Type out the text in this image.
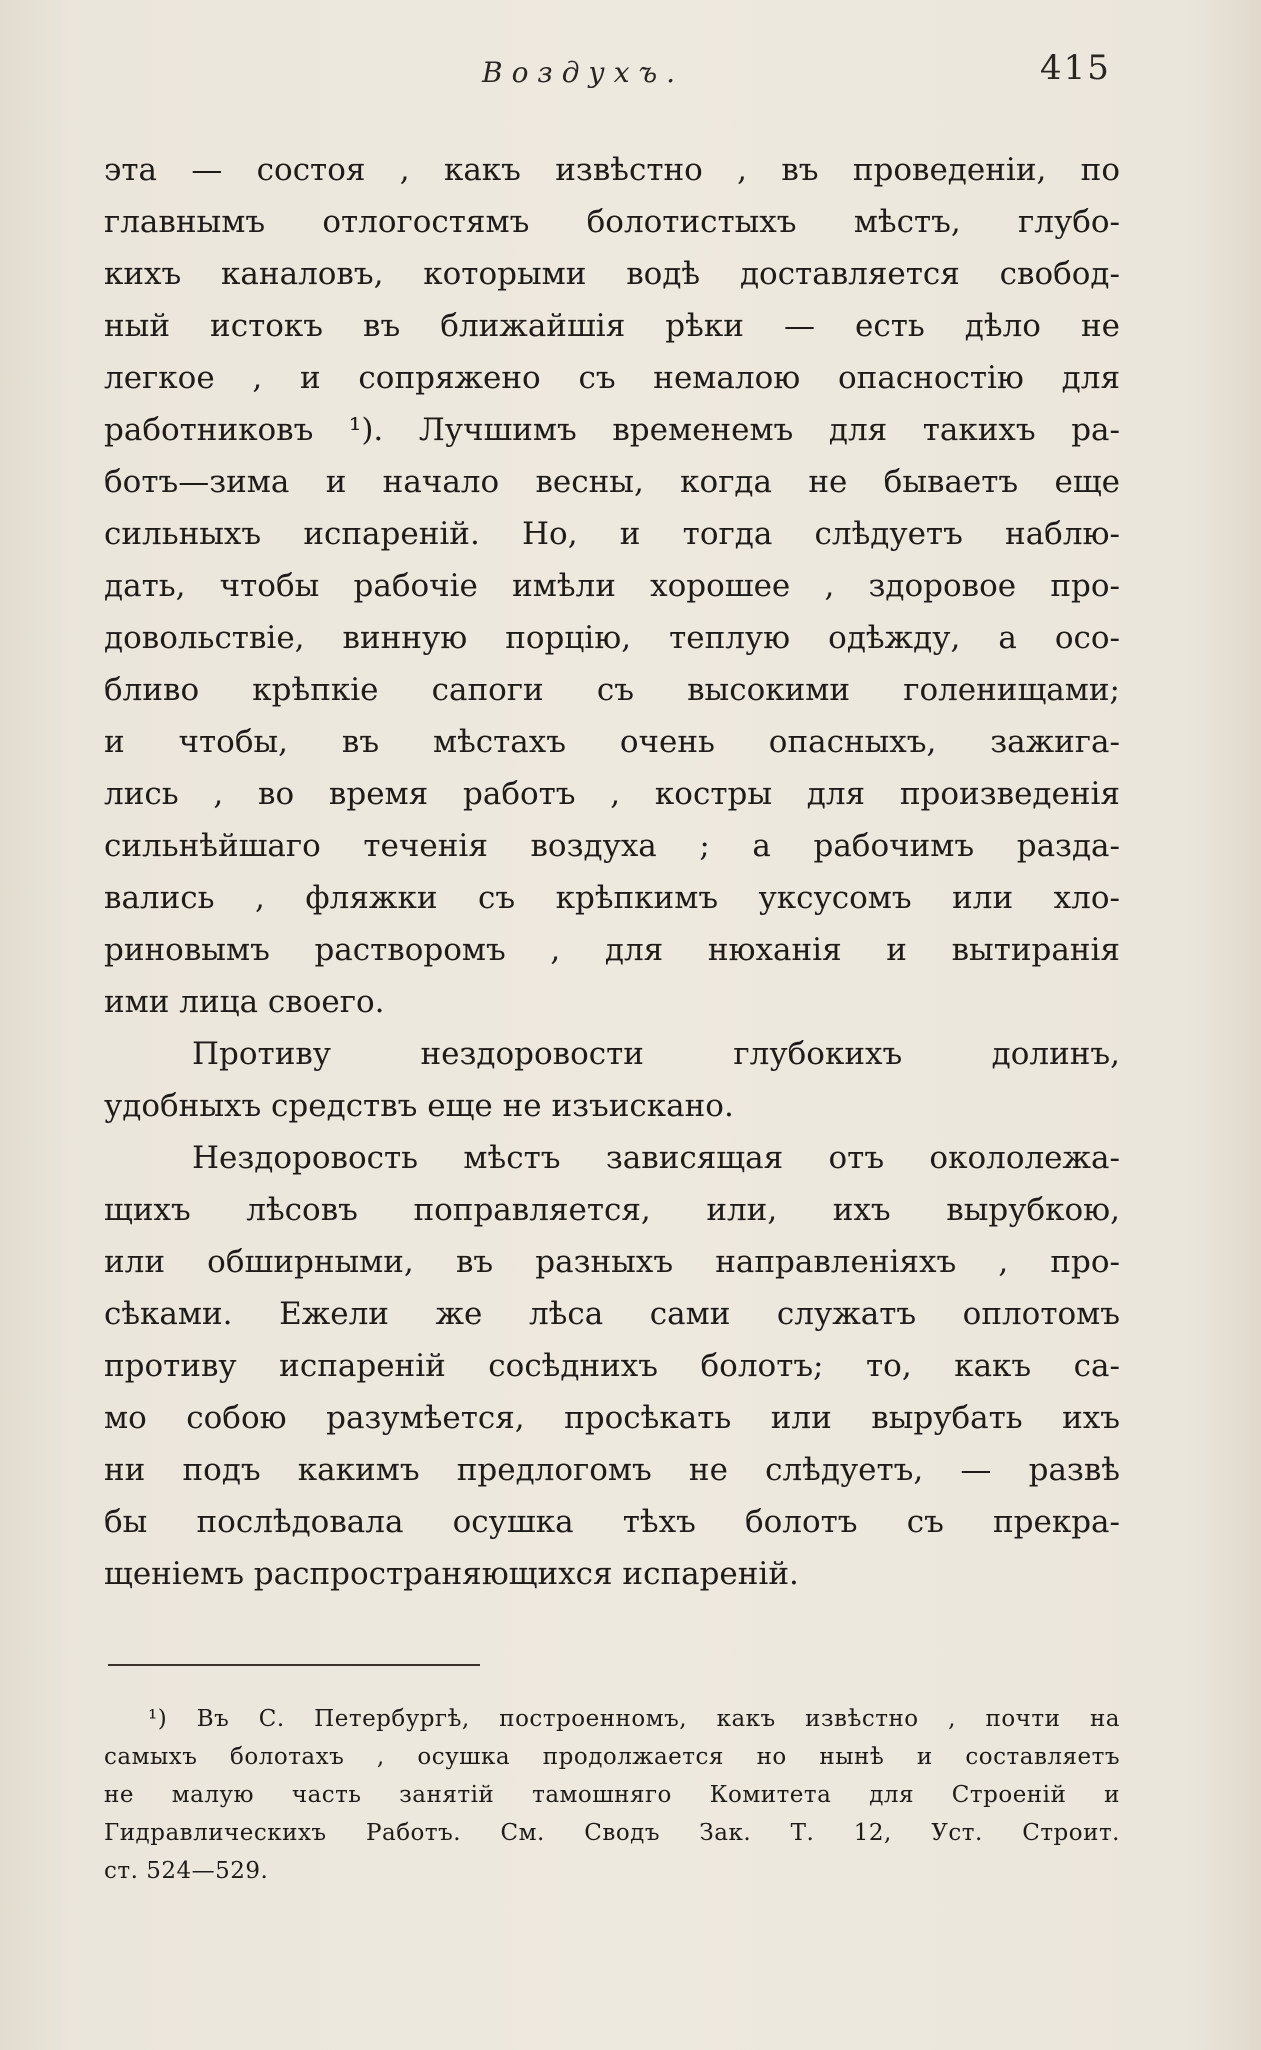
Воздухъ.	415
эта — состоя , какъ извѣстно , въ проведенiи, по
главнымъ отлогостямъ болотистыхъ мѣстъ, глубо-
кихъ каналовъ, которыми водѣ доставляется свобод-
ный истокъ въ ближайшiя рѣки — есть дѣло не
легкое , и сопряжено съ немалою опасностiю для
работниковъ ¹). Лучшимъ временемъ для такихъ ра-
ботъ—зима и начало весны, когда не бываетъ еще
сильныхъ испаренiй. Но, и тогда слѣдуетъ наблю-
дать, чтобы рабочiе имѣли хорошее , здоровое про-
довольствiе, винную порцiю, теплую одѣжду, а осо-
бливо крѣпкiе сапоги съ высокими голенищами;
и чтобы, въ мѣстахъ очень опасныхъ, зажига-
лись , во время работъ , костры для произведенiя
сильнѣйшаго теченiя воздуха ; а рабочимъ разда-
вались , фляжки съ крѣпкимъ уксусомъ или хло-
риновымъ растворомъ , для нюханiя и вытиранiя
ими лица своего.
Противу нездоровости глубокихъ долинъ,
удобныхъ средствъ еще не изъискано.
Нездоровость мѣстъ зависящая отъ окололежа-
щихъ лѣсовъ поправляется, или, ихъ вырубкою,
или обширными, въ разныхъ направленiяхъ , про-
сѣками. Ежели же лѣса сами служатъ оплотомъ
противу испаренiй сосѣднихъ болотъ; то, какъ са-
мо собою разумѣется, просѣкать или вырубать ихъ
ни подъ какимъ предлогомъ не слѣдуетъ, — развѣ
бы послѣдовала осушка тѣхъ болотъ съ прекра-
щенiемъ распространяющихся испаренiй.
¹) Въ С. Петербургѣ, построенномъ, какъ извѣстно , почти на
самыхъ болотахъ , осушка продолжается но нынѣ и составляетъ
не малую часть занятiй тамошняго Комитета для Строенiй и
Гидравлическихъ Работъ. См. Сводъ Зак. Т. 12, Уст. Строит.
ст. 524—529.
